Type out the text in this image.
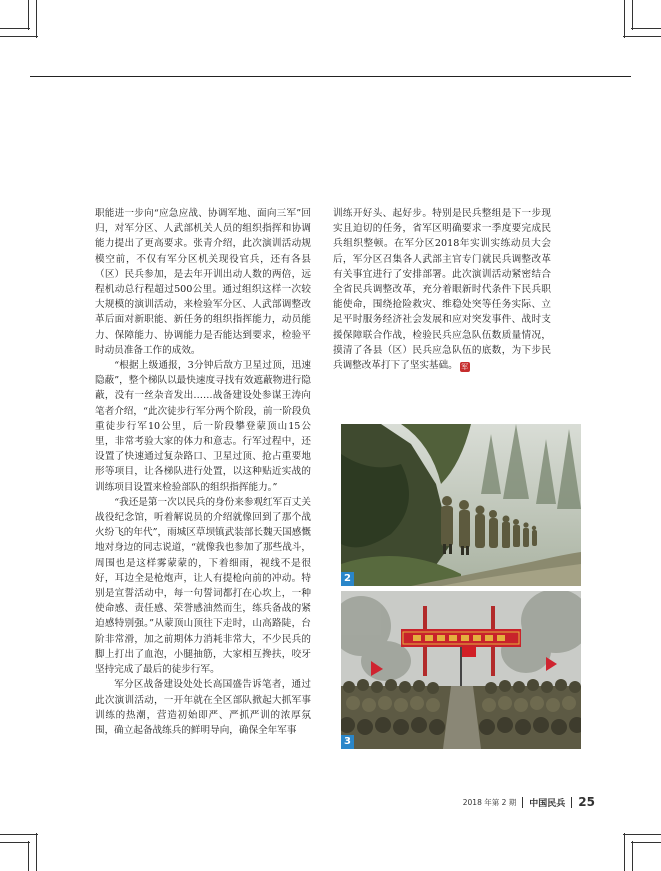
职能进一步向“应急应战、协调军地、面向三军”回归，对军分区、人武部机关人员的组织指挥和协调能力提出了更高要求。张青介绍，此次演训活动规模空前，不仅有军分区机关现役官兵，还有各县（区）民兵参加，是去年开训出动人数的两倍，远程机动总行程超过500公里。通过组织这样一次较大规模的演训活动，来检验军分区、人武部调整改革后面对新职能、新任务的组织指挥能力，动员能力、保障能力、协调能力是否能达到要求，检验平时动员准备工作的成效。

“根据上级通报，3分钟后敌方卫星过顶，迅速隐蔽”，整个梯队以最快速度寻找有效遮蔽物进行隐蔽，没有一丝杂音发出……战备建设处参谋王涛向笔者介绍，“此次徒步行军分两个阶段，前一阶段负重徒步行军10公里，后一阶段攀登蒙顶山15公里，非常考验大家的体力和意志。行军过程中，还设置了快速通过复杂路口、卫星过顶、抢占重要地形等项目，让各梯队进行处置，以这种贴近实战的训练项目设置来检验部队的组织指挥能力。”

“我还是第一次以民兵的身份来参观红军百丈关战役纪念馆，听着解说员的介绍就像回到了那个战火纷飞的年代”，雨城区草坝镇武装部长魏天国感慨地对身边的同志说道，“就像我也参加了那些战斗，周围也是这样雾蒙蒙的，下着细雨，视线不是很好，耳边全是枪炮声，让人有提枪向前的冲动。特别是宣誓活动中，每一句誓词都打在心坎上，一种使命感、责任感、荣誉感油然而生，练兵备战的紧迫感特别强。”从蒙顶山顶往下走时，山高路陡，台阶非常滑，加之前期体力消耗非常大，不少民兵的脚上打出了血泡，小腿抽筋，大家相互搀扶，咬牙坚持完成了最后的徒步行军。

军分区战备建设处处长高国盛告诉笔者，通过此次演训活动，一开年就在全区部队掀起大抓军事训练的热潮，营造初始即严、严抓严训的浓厚氛围，确立起备战练兵的鲜明导向，确保全年军事

训练开好头、起好步。特别是民兵整组是下一步现实且迫切的任务，省军区明确要求一季度要完成民兵组织整顿。在军分区2018年实训实练动员大会后，军分区召集各人武部主官专门就民兵调整改革有关事宜进行了安排部署。此次演训活动紧密结合全省民兵调整改革，充分着眼新时代条件下民兵职能使命，围绕抢险救灾、维稳处突等任务实际、立足平时服务经济社会发展和应对突发事件、战时支援保障联合作战，检验民兵应急队伍数质量情况，摸清了各县（区）民兵应急队伍的底数，为下步民兵调整改革打下了坚实基础。 军

2
3
2018 年第 2 期 中国民兵 25
